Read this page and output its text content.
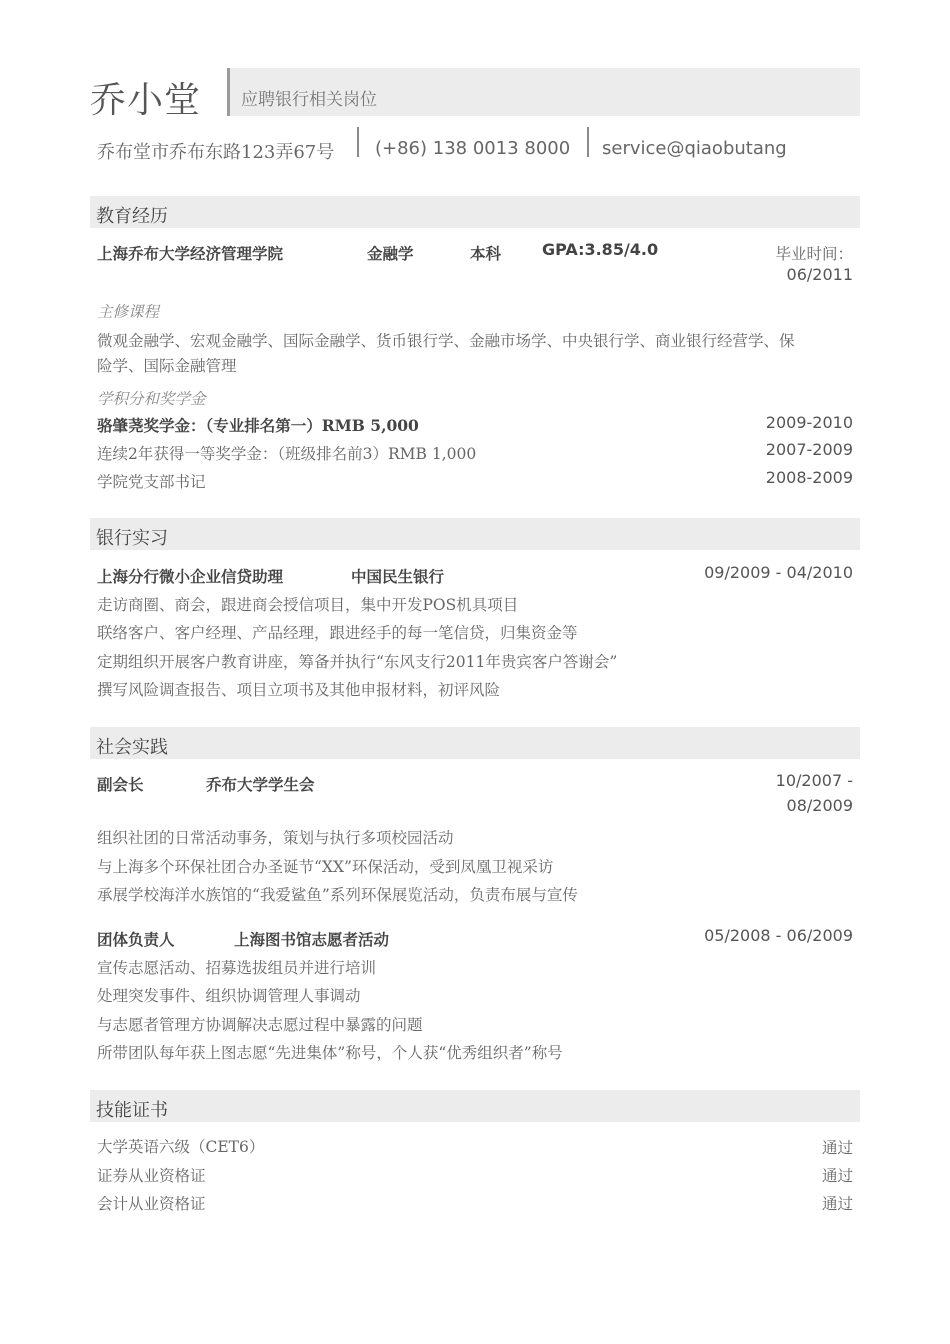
乔小堂 应聘银行相关岗位
乔布堂市乔布东路123弄67号 (+86) 138 0013 8000 service@qiaobutang
教育经历
上海乔布大学经济管理学院	金融学	本科	GPA:3.85/4.0	毕业时间：
06/2011
主修课程
微观金融学、宏观金融学、国际金融学、货币银行学、金融市场学、中央银行学、商业银行经营学、保
险学、国际金融管理
学积分和奖学金
骆肇荛奖学金：（专业排名第一）RMB 5,000	2009-2010
连续2年获得一等奖学金：（班级排名前3）RMB 1,000	2007-2009
学院党支部书记	2008-2009
银行实习
上海分行微小企业信贷助理	中国民生银行	09/2009 - 04/2010
走访商圈、商会，跟进商会授信项目，集中开发POS机具项目
联络客户、客户经理、产品经理，跟进经手的每一笔信贷，归集资金等
定期组织开展客户教育讲座，筹备并执行“东风支行2011年贵宾客户答谢会”
撰写风险调查报告、项目立项书及其他申报材料，初评风险
社会实践
副会长	乔布大学学生会	10/2007 -
08/2009
组织社团的日常活动事务，策划与执行多项校园活动
与上海多个环保社团合办圣诞节“XX”环保活动，受到凤凰卫视采访
承展学校海洋水族馆的“我爱鲨鱼”系列环保展览活动，负责布展与宣传
团体负责人	上海图书馆志愿者活动	05/2008 - 06/2009
宣传志愿活动、招募选拔组员并进行培训
处理突发事件、组织协调管理人事调动
与志愿者管理方协调解决志愿过程中暴露的问题
所带团队每年获上图志愿“先进集体”称号，个人获“优秀组织者”称号
技能证书
大学英语六级（CET6）	通过
证券从业资格证	通过
会计从业资格证	通过
